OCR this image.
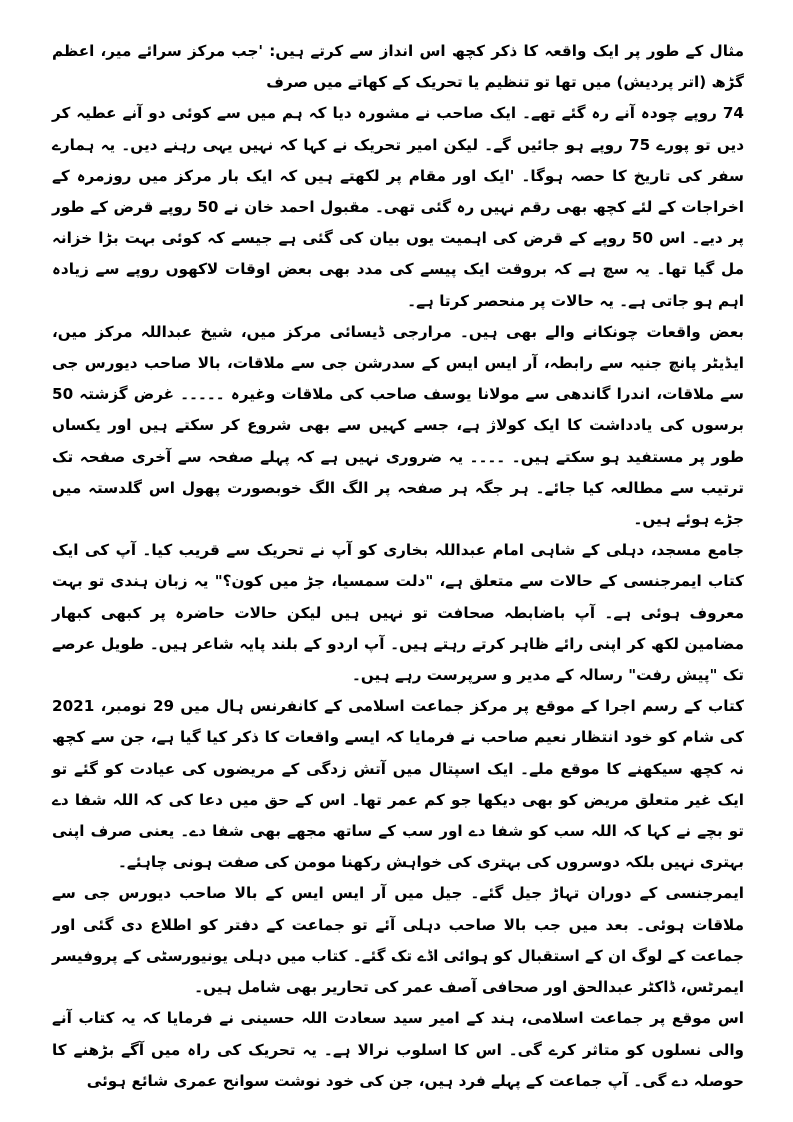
مثال کے طور پر ایک واقعہ کا ذکر کچھ اس انداز سے کرتے ہیں: 'جب مرکز سرائے میر، اعظم گڑھ (اتر پردیش) میں تھا تو تنظیم یا تحریک کے کھاتے میں صرف

74 روپے چودہ آنے رہ گئے تھے۔ ایک صاحب نے مشورہ دیا کہ ہم میں سے کوئی دو آنے عطیہ کر دیں تو پورے 75 روپے ہو جائیں گے۔ لیکن امیر تحریک نے کہا کہ نہیں یہی رہنے دیں۔ یہ ہمارے سفر کی تاریخ کا حصہ ہوگا۔ 'ایک اور مقام پر لکھتے ہیں کہ ایک بار مرکز میں روزمرہ کے اخراجات کے لئے کچھ بھی رقم نہیں رہ گئی تھی۔ مقبول احمد خان نے 50 روپے قرض کے طور پر دیے۔ اس 50 روپے کے قرض کی اہمیت یوں بیان کی گئی ہے جیسے کہ کوئی بہت بڑا خزانہ مل گیا تھا۔ یہ سچ ہے کہ بروقت ایک پیسے کی مدد بھی بعض اوقات لاکھوں روپے سے زیادہ اہم ہو جاتی ہے۔ یہ حالات پر منحصر کرتا ہے۔

بعض واقعات چونکانے والے بھی ہیں۔ مرارجی ڈیسائی مرکز میں، شیخ عبداللہ مرکز میں، ایڈیٹر پانچ جنیہ سے رابطہ، آر ایس ایس کے سدرشن جی سے ملاقات، بالا صاحب دیورس جی سے ملاقات، اندرا گاندھی سے مولانا یوسف صاحب کی ملاقات وغیرہ ۔۔۔۔۔ غرض گزشتہ 50 برسوں کی یادداشت کا ایک کولاژ ہے، جسے کہیں سے بھی شروع کر سکتے ہیں اور یکساں طور پر مستفید ہو سکتے ہیں۔ ۔۔۔۔ یہ ضروری نہیں ہے کہ پہلے صفحہ سے آخری صفحہ تک ترتیب سے مطالعہ کیا جائے۔ ہر جگہ ہر صفحہ پر الگ الگ خوبصورت پھول اس گلدستہ میں جڑے ہوئے ہیں۔

جامع مسجد، دہلی کے شاہی امام عبداللہ بخاری کو آپ نے تحریک سے قریب کیا۔ آپ کی ایک کتاب ایمرجنسی کے حالات سے متعلق ہے، "دلت سمسیا، جڑ میں کون؟" یہ زبان ہندی تو بہت معروف ہوئی ہے۔ آپ باضابطہ صحافت تو نہیں ہیں لیکن حالات حاضرہ پر کبھی کبھار مضامین لکھ کر اپنی رائے ظاہر کرتے رہتے ہیں۔ آپ اردو کے بلند پایہ شاعر ہیں۔ طویل عرصے تک "پیش رفت" رسالہ کے مدیر و سرپرست رہے ہیں۔

کتاب کے رسم اجرا کے موقع پر مرکز جماعت اسلامی کے کانفرنس ہال میں 29 نومبر، 2021 کی شام کو خود انتظار نعیم صاحب نے فرمایا کہ ایسے واقعات کا ذکر کیا گیا ہے، جن سے کچھ نہ کچھ سیکھنے کا موقع ملے۔ ایک اسپتال میں آتش زدگی کے مریضوں کی عیادت کو گئے تو ایک غیر متعلق مریض کو بھی دیکھا جو کم عمر تھا۔ اس کے حق میں دعا کی کہ اللہ شفا دے تو بچے نے کہا کہ اللہ سب کو شفا دے اور سب کے ساتھ مجھے بھی شفا دے۔ یعنی صرف اپنی بہتری نہیں بلکہ دوسروں کی بہتری کی خواہش رکھنا مومن کی صفت ہونی چاہئے۔

ایمرجنسی کے دوران تہاڑ جیل گئے۔ جیل میں آر ایس ایس کے بالا صاحب دیورس جی سے ملاقات ہوئی۔ بعد میں جب بالا صاحب دہلی آئے تو جماعت کے دفتر کو اطلاع دی گئی اور جماعت کے لوگ ان کے استقبال کو ہوائی اڈے تک گئے۔ کتاب میں دہلی یونیورسٹی کے پروفیسر ایمرٹس، ڈاکٹر عبدالحق اور صحافی آصف عمر کی تحاریر بھی شامل ہیں۔

اس موقع پر جماعت اسلامی، ہند کے امیر سید سعادت اللہ حسینی نے فرمایا کہ یہ کتاب آنے والی نسلوں کو متاثر کرے گی۔ اس کا اسلوب نرالا ہے۔ یہ تحریک کی راہ میں آگے بڑھنے کا حوصلہ دے گی۔ آپ جماعت کے پہلے فرد ہیں، جن کی خود نوشت سوانح عمری شائع ہوئی
